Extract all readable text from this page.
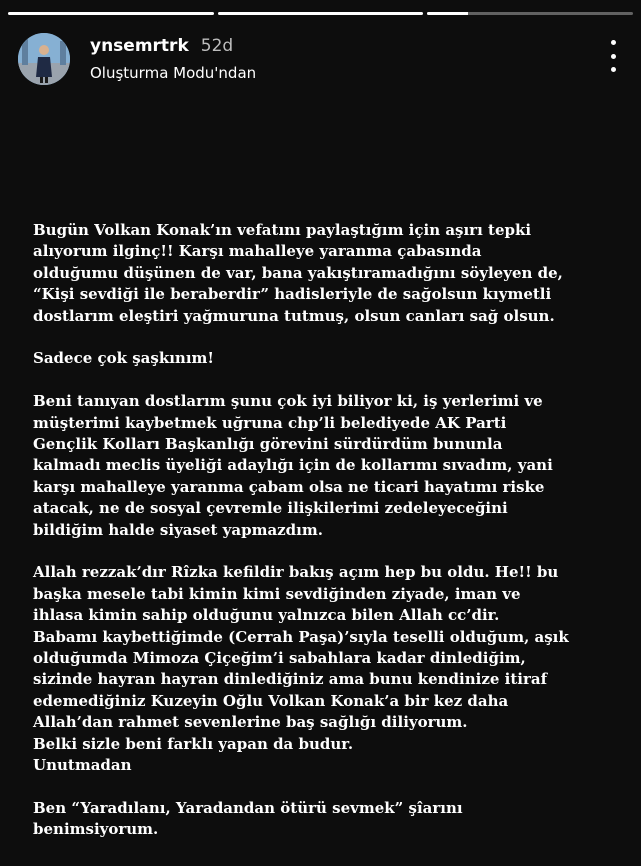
ynsemrtrk 52d
Oluşturma Modu'ndan

Bugün Volkan Konak’ın vefatını paylaştığım için aşırı tepki
alıyorum ilginç!! Karşı mahalleye yaranma çabasında
olduğumu düşünen de var, bana yakıştıramadığını söyleyen de,
“Kişi sevdiği ile beraberdir” hadisleriyle de sağolsun kıymetli
dostlarım eleştiri yağmuruna tutmuş, olsun canları sağ olsun.

Sadece çok şaşkınım!

Beni tanıyan dostlarım şunu çok iyi biliyor ki, iş yerlerimi ve
müşterimi kaybetmek uğruna chp’li belediyede AK Parti
Gençlik Kolları Başkanlığı görevini sürdürdüm bununla
kalmadı meclis üyeliği adaylığı için de kollarımı sıvadım, yani
karşı mahalleye yaranma çabam olsa ne ticari hayatımı riske
atacak, ne de sosyal çevremle ilişkilerimi zedeleyeceğini
bildiğim halde siyaset yapmazdım.

Allah rezzak’dır Rîzka kefildir bakış açım hep bu oldu. He!! bu
başka mesele tabi kimin kimi sevdiğinden ziyade, iman ve
ihlasa kimin sahip olduğunu yalnızca bilen Allah cc’dir.
Babamı kaybettiğimde (Cerrah Paşa)’sıyla teselli olduğum, aşık
olduğumda Mimoza Çiçeğim’i sabahlara kadar dinlediğim,
sizinde hayran hayran dinlediğiniz ama bunu kendinize itiraf
edemediğiniz Kuzeyin Oğlu Volkan Konak’a bir kez daha
Allah’dan rahmet sevenlerine baş sağlığı diliyorum.
Belki sizle beni farklı yapan da budur.
Unutmadan

Ben “Yaradılanı, Yaradandan ötürü sevmek” şîarını
benimsiyorum.
